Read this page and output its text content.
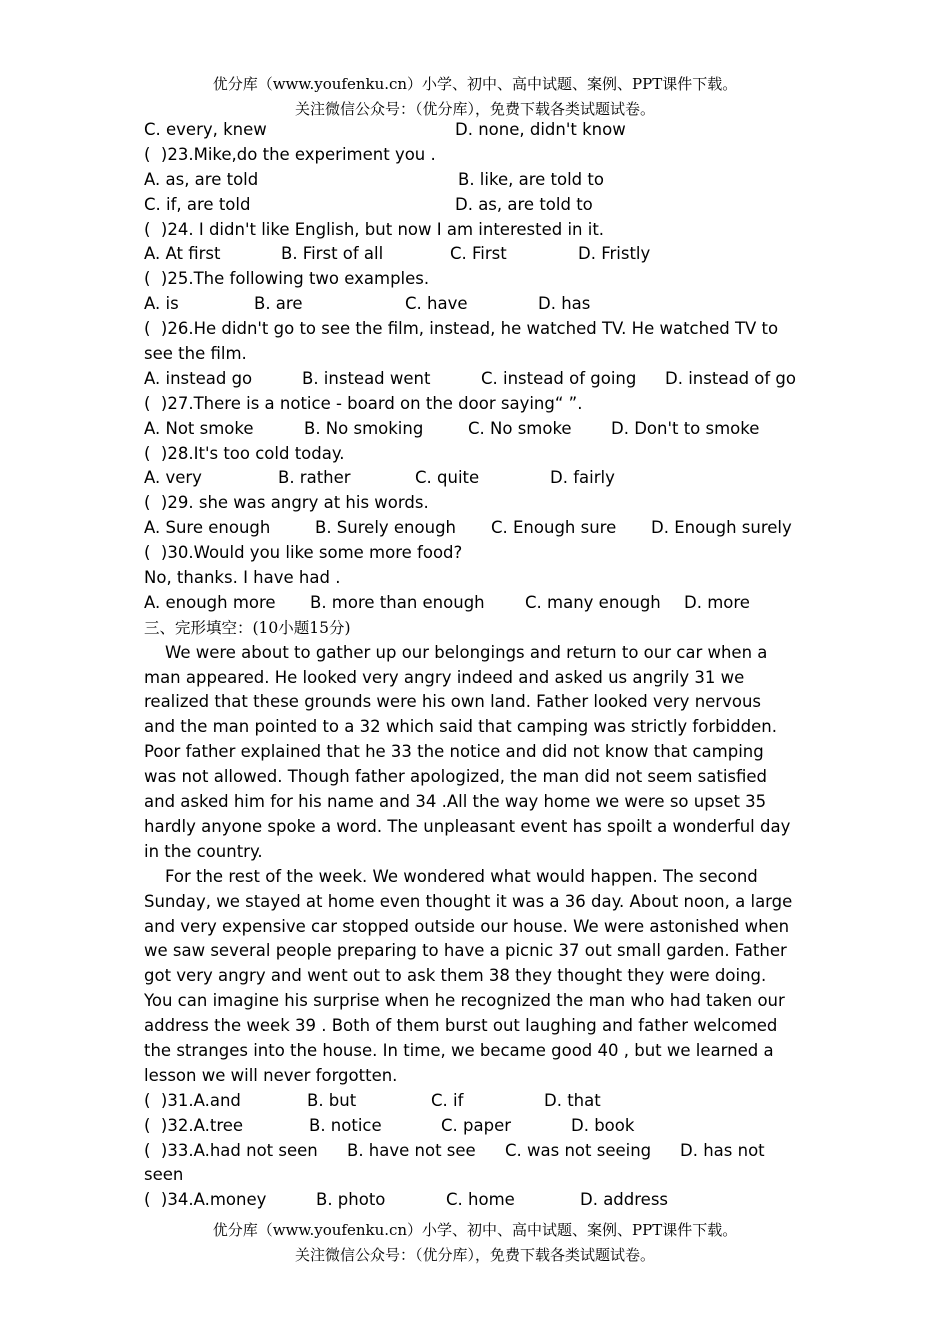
优分库（www.youfenku.cn）小学、初中、高中试题、案例、PPT课件下载。
关注微信公众号：（优分库），免费下载各类试题试卷。

C. every, knew

	D. none, didn't know

(  )23.Mike,do the experiment you .

A. as, are told

	B. like, are told to

C. if, are told

	D. as, are told to

(  )24. I didn't like English, but now I am interested in it.

A. At first

	B. First of all

	C. First

	D. Fristly

(  )25.The following two examples.

A. is

	B. are

	C. have

	D. has

(  )26.He didn't go to see the film, instead, he watched TV. He watched TV to
see the film.

A. instead go

	B. instead went

	C. instead of going

D. instead of go

(  )27.There is a notice - board on the door saying“ ”.

A. Not smoke

	B. No smoking

	C. No smoke

D. Don't to smoke

(  )28.It's too cold today.

A. very

	B. rather

	C. quite

	D. fairly

(  )29. she was angry at his words.

A. Sure enough

	B. Surely enough

C. Enough sure

D. Enough surely

(  )30.Would you like some more food?
No, thanks. I have had .

A. enough more

B. more than enough

C. many enough

D. more

三、完形填空：(10小题15分)
We were about to gather up our belongings and return to our car when a
man appeared. He looked very angry indeed and asked us angrily 31 we
realized that these grounds were his own land. Father looked very nervous
and the man pointed to a 32 which said that camping was strictly forbidden.
Poor father explained that he 33 the notice and did not know that camping
was not allowed. Though father apologized, the man did not seem satisfied
and asked him for his name and 34 .All the way home we were so upset 35
hardly anyone spoke a word. The unpleasant event has spoilt a wonderful day
in the country.
For the rest of the week. We wondered what would happen. The second
Sunday, we stayed at home even thought it was a 36 day. About noon, a large
and very expensive car stopped outside our house. We were astonished when
we saw several people preparing to have a picnic 37 out small garden. Father
got very angry and went out to ask them 38 they thought they were doing.
You can imagine his surprise when he recognized the man who had taken our
address the week 39 . Both of them burst out laughing and father welcomed
the stranges into the house. In time, we became good 40 , but we learned a
lesson we will never forgotten.

(  )31.A.and

	B. but

	C. if

	D. that

(  )32.A.tree

	B. notice

	C. paper

	D. book

(  )33.A.had not seen

B. have not see

C. was not seeing

D. has not

seen

(  )34.A.money

	B. photo

	C. home

	D. address

优分库（www.youfenku.cn）小学、初中、高中试题、案例、PPT课件下载。
关注微信公众号：（优分库），免费下载各类试题试卷。
